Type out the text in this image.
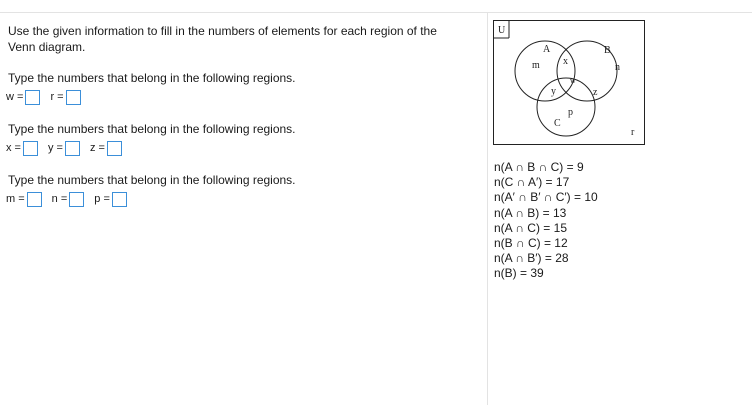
Use the given information to fill in the numbers of elements for each region of the
Venn diagram.
Type the numbers that belong in the following regions.
w = r =
Type the numbers that belong in the following regions.
x = y = z =
Type the numbers that belong in the following regions.
m = n = p =
U
A	B
C
x
m	n
w
y	z
p
r
n(A ∩ B ∩ C) = 9
n(C ∩ A′) = 17
n(A′ ∩ B′ ∩ C′) = 10
n(A ∩ B) = 13
n(A ∩ C) = 15
n(B ∩ C) = 12
n(A ∩ B′) = 28
n(B) = 39
